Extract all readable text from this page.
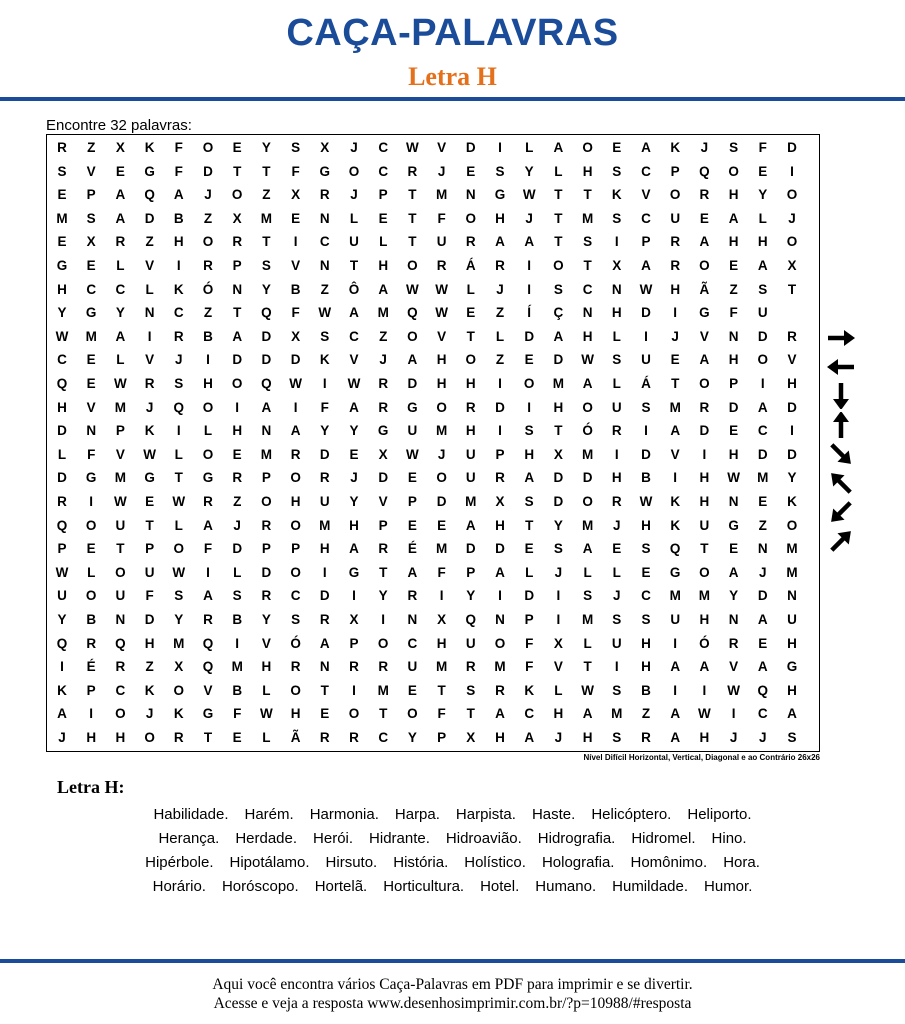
CAÇA-PALAVRAS
Letra H
Encontre 32 palavras:
R	Z	X	K	F	O	E	Y	S	X	J	C	W	V	D	I	L	A	O	E	A	K	J	S	F	D
S	V	E	G	F	D	T	T	F	G	O	C	R	J	E	S	Y	L	H	S	C	P	Q	O	E	I
E	P	A	Q	A	J	O	Z	X	R	J	P	T	M	N	G	W	T	T	K	V	O	R	H	Y	O
M	S	A	D	B	Z	X	M	E	N	L	E	T	F	O	H	J	T	M	S	C	U	E	A	L	J
E	X	R	Z	H	O	R	T	I	C	U	L	T	U	R	A	A	T	S	I	P	R	A	H	H	O
G	E	L	V	I	R	P	S	V	N	T	H	O	R	Á	R	I	O	T	X	A	R	O	E	A	X
H	C	C	L	K	Ó	N	Y	B	Z	Ô	A	W	W	L	J	I	S	C	N	W	H	Ã	Z	S	T
Y	G	Y	N	C	Z	T	Q	F	W	A	M	Q	W	E	Z	Í	Ç	N	H	D	I	G	F	U
W	M	A	I	R	B	A	D	X	S	C	Z	O	V	T	L	D	A	H	L	I	J	V	N	D	R
C	E	L	V	J	I	D	D	D	K	V	J	A	H	O	Z	E	D	W	S	U	E	A	H	O	V
Q	E	W	R	S	H	O	Q	W	I	W	R	D	H	H	I	O	M	A	L	Á	T	O	P	I	H
H	V	M	J	Q	O	I	A	I	F	A	R	G	O	R	D	I	H	O	U	S	M	R	D	A	D
D	N	P	K	I	L	H	N	A	Y	Y	G	U	M	H	I	S	T	Ó	R	I	A	D	E	C	I
L	F	V	W	L	O	E	M	R	D	E	X	W	J	U	P	H	X	M	I	D	V	I	H	D	D
D	G	M	G	T	G	R	P	O	R	J	D	E	O	U	R	A	D	D	H	B	I	H	W	M	Y
R	I	W	E	W	R	Z	O	H	U	Y	V	P	D	M	X	S	D	O	R	W	K	H	N	E	K
Q	O	U	T	L	A	J	R	O	M	H	P	E	E	A	H	T	Y	M	J	H	K	U	G	Z	O
P	E	T	P	O	F	D	P	P	H	A	R	É	M	D	D	E	S	A	E	S	Q	T	E	N	M
W	L	O	U	W	I	L	D	O	I	G	T	A	F	P	A	L	J	L	L	E	G	O	A	J	M
U	O	U	F	S	A	S	R	C	D	I	Y	R	I	Y	I	D	I	S	J	C	M	M	Y	D	N
Y	B	N	D	Y	R	B	Y	S	R	X	I	N	X	Q	N	P	I	M	S	S	U	H	N	A	U
Q	R	Q	H	M	Q	I	V	Ó	A	P	O	C	H	U	O	F	X	L	U	H	I	Ó	R	E	H
I	É	R	Z	X	Q	M	H	R	N	R	R	U	M	R	M	F	V	T	I	H	A	A	V	A	G
K	P	C	K	O	V	B	L	O	T	I	M	E	T	S	R	K	L	W	S	B	I	I	W	Q	H
A	I	O	J	K	G	F	W	H	E	O	T	O	F	T	A	C	H	A	M	Z	A	W	I	C	A
J	H	H	O	R	T	E	L	Ã	R	R	C	Y	P	X	H	A	J	H	S	R	A	H	J	J	S
Nível Difícil Horizontal, Vertical, Diagonal e ao Contrário 26x26
Letra H:
Habilidade. Harém. Harmonia. Harpa. Harpista. Haste. Helicóptero. Heliporto.
Herança. Herdade. Herói. Hidrante. Hidroavião. Hidrografia. Hidromel. Hino.
Hipérbole. Hipotálamo. Hirsuto. História. Holístico. Holografia. Homônimo. Hora.
Horário. Horóscopo. Hortelã. Horticultura. Hotel. Humano. Humildade. Humor.
Aqui você encontra vários Caça-Palavras em PDF para imprimir e se divertir.
Acesse e veja a resposta www.desenhosimprimir.com.br/?p=10988/#resposta
